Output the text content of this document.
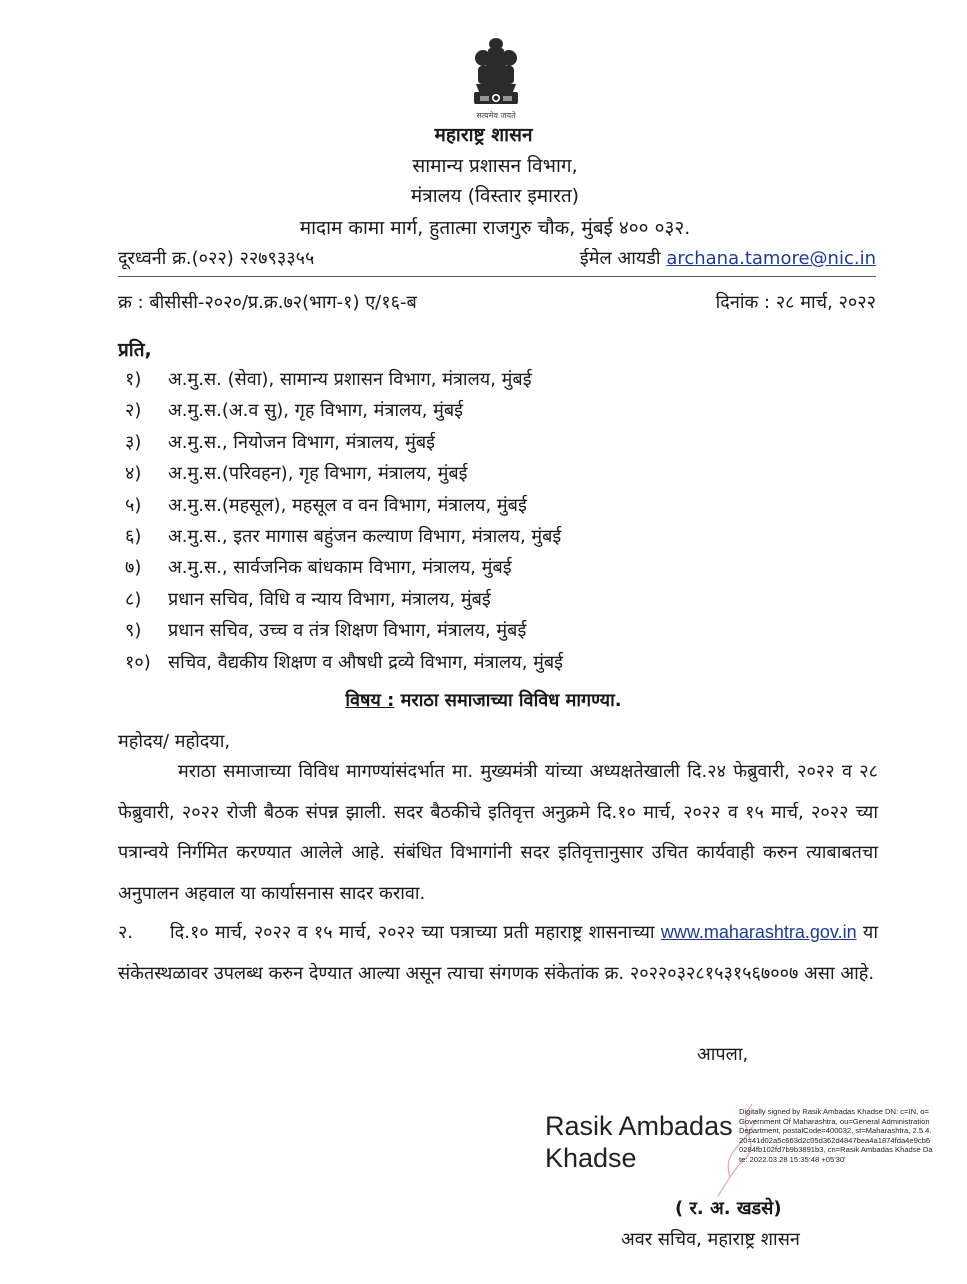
सत्यमेव जयते
महाराष्ट्र शासन
सामान्य प्रशासन विभाग,
मंत्रालय (विस्तार इमारत)
मादाम कामा मार्ग, हुतात्मा राजगुरु चौक, मुंबई ४०० ०३२.
दूरध्वनी क्र.(०२२) २२७९३३५५	ईमेल आयडी archana.tamore@nic.in
क्र : बीसीसी-२०२०/प्र.क्र.७२(भाग-१) ए/१६-ब	दिनांक : २८ मार्च, २०२२
प्रति,
१) अ.मु.स. (सेवा), सामान्य प्रशासन विभाग, मंत्रालय, मुंबई
२) अ.मु.स.(अ.व सु), गृह विभाग, मंत्रालय, मुंबई
३) अ.मु.स., नियोजन विभाग, मंत्रालय, मुंबई
४) अ.मु.स.(परिवहन), गृह विभाग, मंत्रालय, मुंबई
५) अ.मु.स.(महसूल), महसूल व वन विभाग, मंत्रालय, मुंबई
६) अ.मु.स., इतर मागास बहुंजन कल्याण विभाग, मंत्रालय, मुंबई
७) अ.मु.स., सार्वजनिक बांधकाम विभाग, मंत्रालय, मुंबई
८) प्रधान सचिव, विधि व न्याय विभाग, मंत्रालय, मुंबई
९) प्रधान सचिव, उच्च व तंत्र शिक्षण विभाग, मंत्रालय, मुंबई
१०) सचिव, वैद्यकीय शिक्षण व औषधी द्रव्ये विभाग, मंत्रालय, मुंबई
विषय : मराठा समाजाच्या विविध मागण्या.
महोदय/ महोदया,

मराठा समाजाच्या विविध मागण्यांसंदर्भात मा. मुख्यमंत्री यांच्या अध्यक्षतेखाली दि.२४ फेब्रुवारी, २०२२ व २८ फेब्रुवारी, २०२२ रोजी बैठक संपन्न झाली. सदर बैठकीचे इतिवृत्त अनुक्रमे दि.१० मार्च, २०२२ व १५ मार्च, २०२२ च्या पत्रान्वये निर्गमित करण्यात आलेले आहे. संबंधित विभागांनी सदर इतिवृत्तानुसार उचित कार्यवाही करुन त्याबाबतचा अनुपालन अहवाल या कार्यासनास सादर करावा.

२. दि.१० मार्च, २०२२ व १५ मार्च, २०२२ च्या पत्राच्या प्रती महाराष्ट्र शासनाच्या www.maharashtra.gov.in या संकेतस्थळावर उपलब्ध करुन देण्यात आल्या असून त्याचा संगणक संकेतांक क्र. २०२२०३२८१५३१५६७००७ असा आहे.

आपला,
Rasik Ambadas Khadse
Digitally signed by Rasik Ambadas Khadse DN: c=IN, o=Government Of Maharashtra, ou=General Administration Department, postalCode=400032, st=Maharashtra, 2.5.4.20=41d02a5c663d2c05d362d4847bea4a1874fda4e9cb60284fb102fd7b9b3891b3, cn=Rasik Ambadas Khadse Date: 2022.03.28 15:35:48 +05'30'
( र. अ. खडसे)
अवर सचिव, महाराष्ट्र शासन
